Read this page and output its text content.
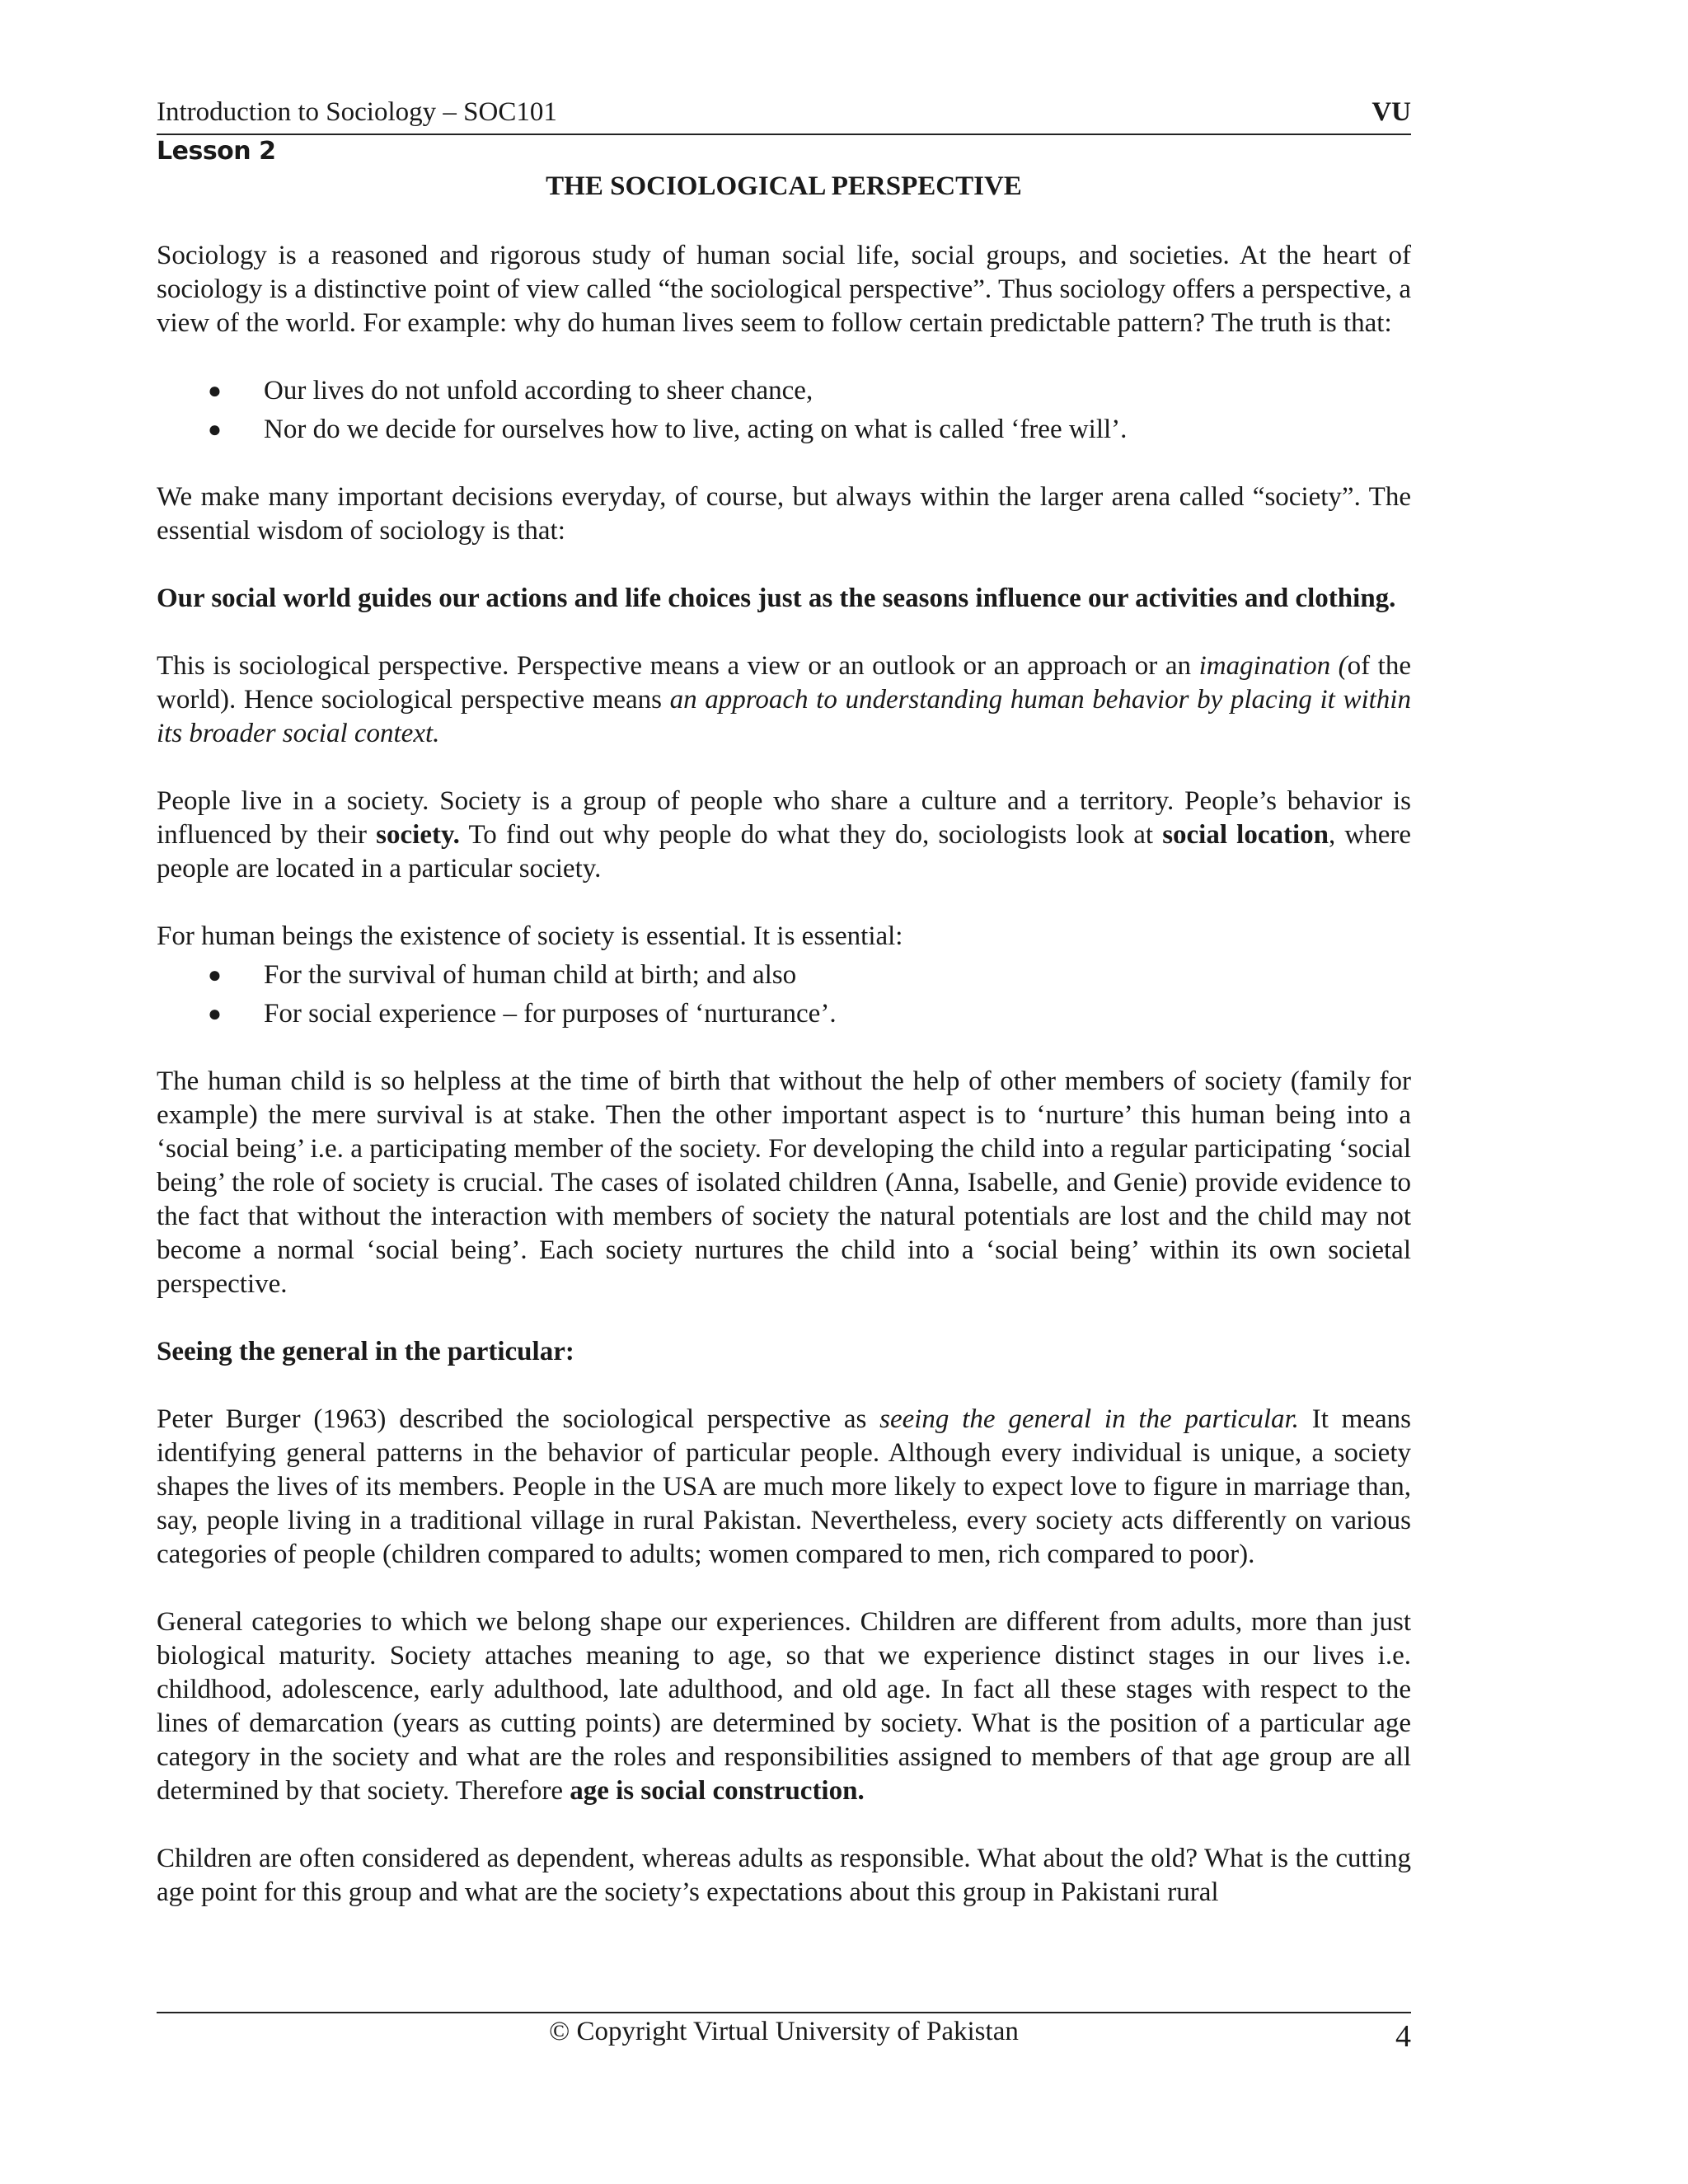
Introduction to Sociology – SOC101	VU
Lesson 2
THE SOCIOLOGICAL PERSPECTIVE

Sociology is a reasoned and rigorous study of human social life, social groups, and societies. At the heart of sociology is a distinctive point of view called “the sociological perspective”. Thus sociology offers a perspective, a view of the world. For example: why do human lives seem to follow certain predictable pattern? The truth is that:

● Our lives do not unfold according to sheer chance,
● Nor do we decide for ourselves how to live, acting on what is called ‘free will’.

We make many important decisions everyday, of course, but always within the larger arena called “society”. The essential wisdom of sociology is that:

Our social world guides our actions and life choices just as the seasons influence our activities and clothing.

This is sociological perspective. Perspective means a view or an outlook or an approach or an imagination (of the world). Hence sociological perspective means an approach to understanding human behavior by placing it within its broader social context.

People live in a society. Society is a group of people who share a culture and a territory. People’s behavior is influenced by their society. To find out why people do what they do, sociologists look at social location, where people are located in a particular society.

For human beings the existence of society is essential. It is essential:

● For the survival of human child at birth; and also
● For social experience – for purposes of ‘nurturance’.

The human child is so helpless at the time of birth that without the help of other members of society (family for example) the mere survival is at stake. Then the other important aspect is to ‘nurture’ this human being into a ‘social being’ i.e. a participating member of the society. For developing the child into a regular participating ‘social being’ the role of society is crucial. The cases of isolated children (Anna, Isabelle, and Genie) provide evidence to the fact that without the interaction with members of society the natural potentials are lost and the child may not become a normal ‘social being’. Each society nurtures the child into a ‘social being’ within its own societal perspective.

Seeing the general in the particular:

Peter Burger (1963) described the sociological perspective as seeing the general in the particular. It means identifying general patterns in the behavior of particular people. Although every individual is unique, a society shapes the lives of its members. People in the USA are much more likely to expect love to figure in marriage than, say, people living in a traditional village in rural Pakistan. Nevertheless, every society acts differently on various categories of people (children compared to adults; women compared to men, rich compared to poor).

General categories to which we belong shape our experiences. Children are different from adults, more than just biological maturity. Society attaches meaning to age, so that we experience distinct stages in our lives i.e. childhood, adolescence, early adulthood, late adulthood, and old age. In fact all these stages with respect to the lines of demarcation (years as cutting points) are determined by society. What is the position of a particular age category in the society and what are the roles and responsibilities assigned to members of that age group are all determined by that society. Therefore age is social construction.

Children are often considered as dependent, whereas adults as responsible. What about the old? What is the cutting age point for this group and what are the society’s expectations about this group in Pakistani rural

© Copyright Virtual University of Pakistan	4
